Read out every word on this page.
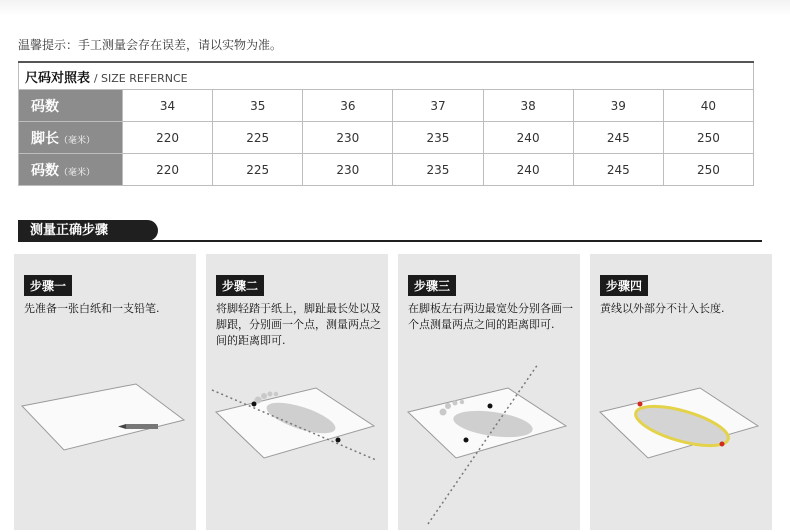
温馨提示：手工测量会存在误差，请以实物为准。
尺码对照表 / SIZE REFERNCE							
码数	34	35	36	37	38	39	40
脚长（毫米）	220	225	230	235	240	245	250
码数（毫米）	220	225	230	235	240	245	250
测量正确步骤
步骤一
先准备一张白纸和一支铅笔.
步骤二
将脚轻踏于纸上，脚趾最长处以及脚跟，分别画一个点，测量两点之间的距离即可.
步骤三
在脚板左右两边最宽处分别各画一个点测量两点之间的距离即可.
步骤四
黄线以外部分不计入长度.
